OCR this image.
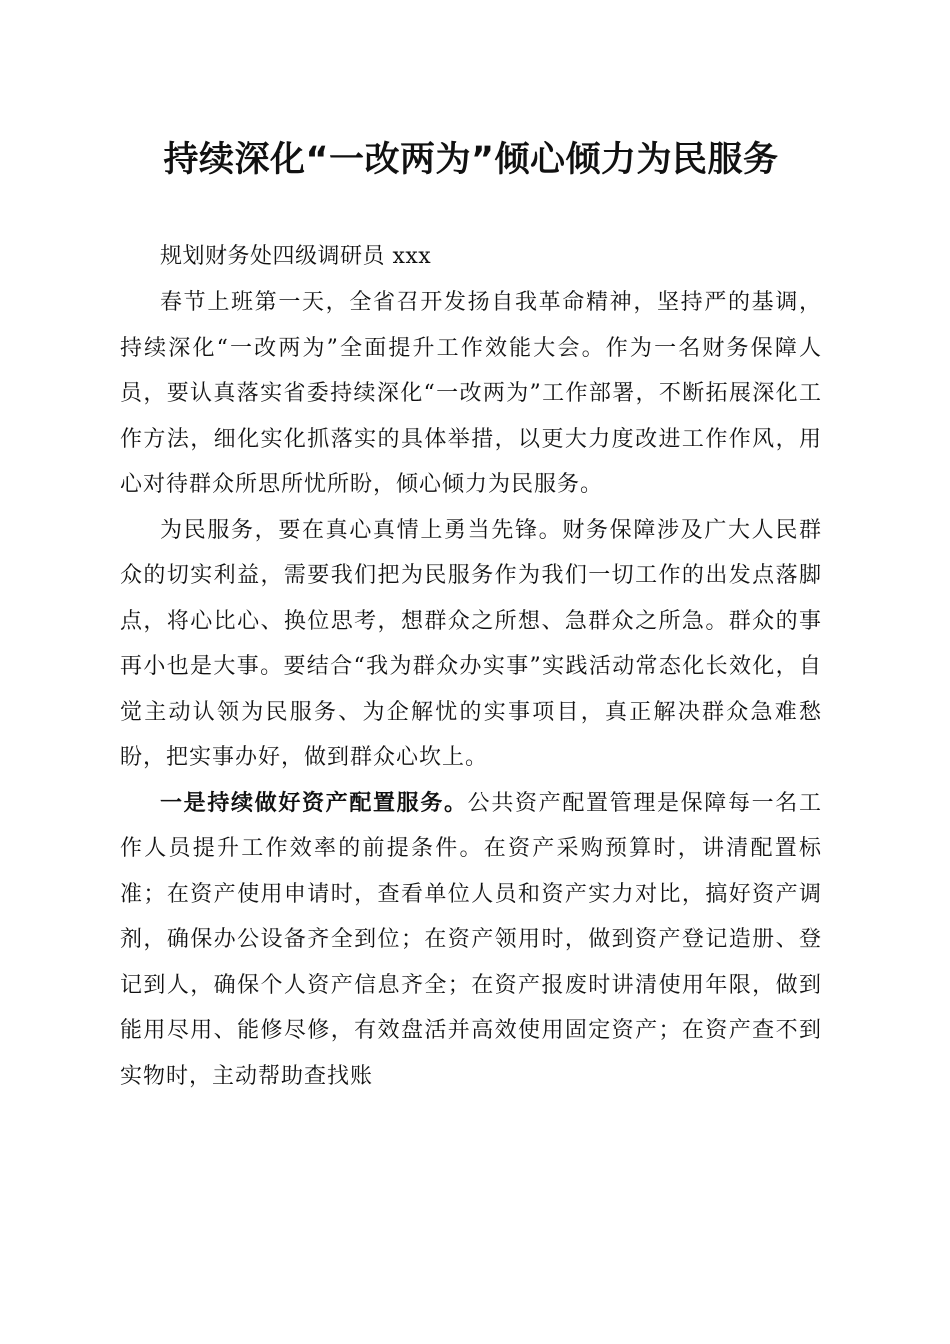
持续深化“一改两为”倾心倾力为民服务

规划财务处四级调研员 xxx

春节上班第一天，全省召开发扬自我革命精神，坚持严的基调，持续深化“一改两为”全面提升工作效能大会。作为一名财务保障人员，要认真落实省委持续深化“一改两为”工作部署，不断拓展深化工作方法，细化实化抓落实的具体举措，以更大力度改进工作作风，用心对待群众所思所忧所盼，倾心倾力为民服务。

为民服务，要在真心真情上勇当先锋。财务保障涉及广大人民群众的切实利益，需要我们把为民服务作为我们一切工作的出发点落脚点，将心比心、换位思考，想群众之所想、急群众之所急。群众的事再小也是大事。要结合“我为群众办实事”实践活动常态化长效化，自觉主动认领为民服务、为企解忧的实事项目，真正解决群众急难愁盼，把实事办好，做到群众心坎上。

一是持续做好资产配置服务。公共资产配置管理是保障每一名工作人员提升工作效率的前提条件。在资产采购预算时，讲清配置标准；在资产使用申请时，查看单位人员和资产实力对比，搞好资产调剂，确保办公设备齐全到位；在资产领用时，做到资产登记造册、登记到人，确保个人资产信息齐全；在资产报废时讲清使用年限，做到能用尽用、能修尽修，有效盘活并高效使用固定资产；在资产查不到实物时，主动帮助查找账
